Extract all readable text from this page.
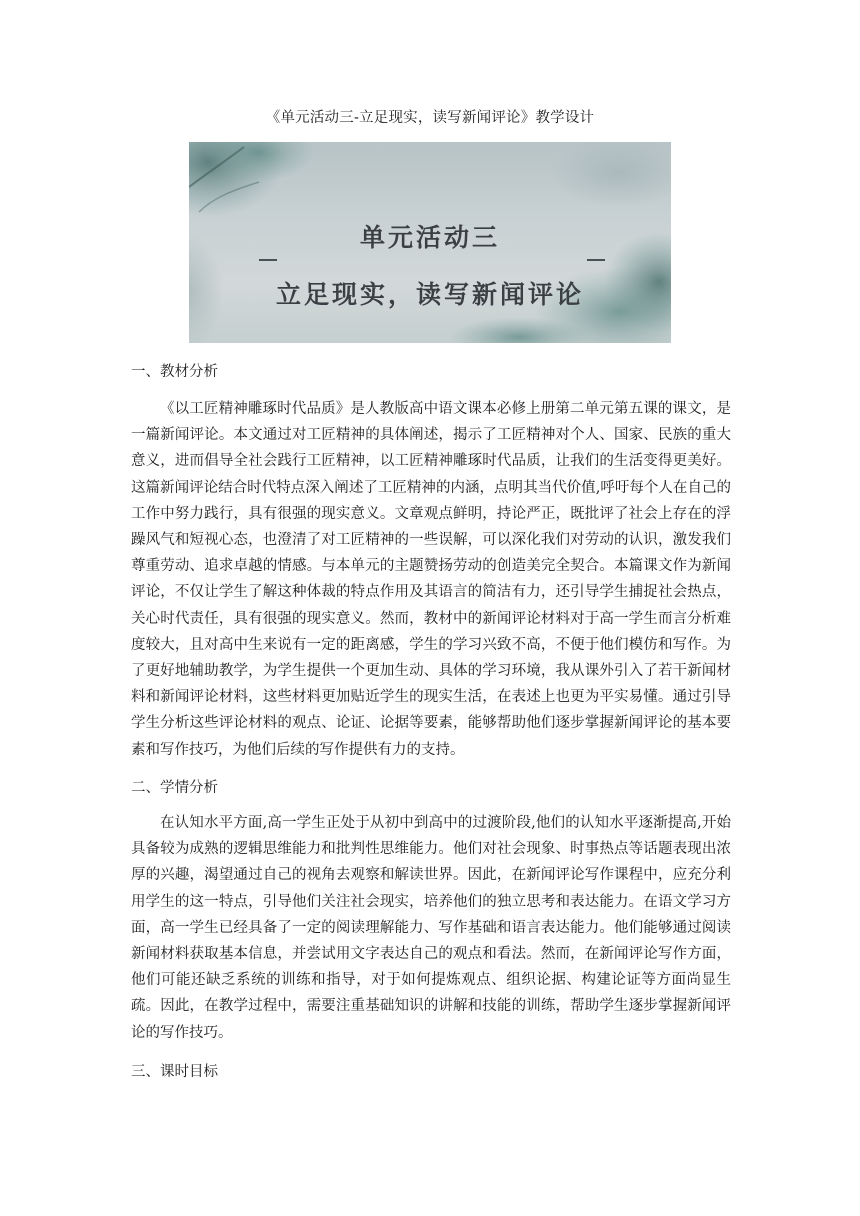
《单元活动三-立足现实，读写新闻评论》教学设计
单元活动三
立足现实，读写新闻评论
一、教材分析

《以工匠精神雕琢时代品质》是人教版高中语文课本必修上册第二单元第五课的课文，是一篇新闻评论。本文通过对工匠精神的具体阐述，揭示了工匠精神对个人、国家、民族的重大意义，进而倡导全社会践行工匠精神，以工匠精神雕琢时代品质，让我们的生活变得更美好。这篇新闻评论结合时代特点深入阐述了工匠精神的内涵，点明其当代价值,呼吁每个人在自己的工作中努力践行，具有很强的现实意义。文章观点鲜明，持论严正，既批评了社会上存在的浮躁风气和短视心态，也澄清了对工匠精神的一些误解，可以深化我们对劳动的认识，激发我们尊重劳动、追求卓越的情感。与本单元的主题赞扬劳动的创造美完全契合。本篇课文作为新闻评论，不仅让学生了解这种体裁的特点作用及其语言的简洁有力，还引导学生捕捉社会热点，关心时代责任，具有很强的现实意义。然而，教材中的新闻评论材料对于高一学生而言分析难度较大，且对高中生来说有一定的距离感，学生的学习兴致不高，不便于他们模仿和写作。为了更好地辅助教学，为学生提供一个更加生动、具体的学习环境，我从课外引入了若干新闻材料和新闻评论材料，这些材料更加贴近学生的现实生活，在表述上也更为平实易懂。通过引导学生分析这些评论材料的观点、论证、论据等要素，能够帮助他们逐步掌握新闻评论的基本要素和写作技巧，为他们后续的写作提供有力的支持。

二、学情分析

在认知水平方面,高一学生正处于从初中到高中的过渡阶段,他们的认知水平逐渐提高,开始具备较为成熟的逻辑思维能力和批判性思维能力。他们对社会现象、时事热点等话题表现出浓厚的兴趣，渴望通过自己的视角去观察和解读世界。因此，在新闻评论写作课程中，应充分利用学生的这一特点，引导他们关注社会现实，培养他们的独立思考和表达能力。在语文学习方面，高一学生已经具备了一定的阅读理解能力、写作基础和语言表达能力。他们能够通过阅读新闻材料获取基本信息，并尝试用文字表达自己的观点和看法。然而，在新闻评论写作方面，他们可能还缺乏系统的训练和指导，对于如何提炼观点、组织论据、构建论证等方面尚显生疏。因此，在教学过程中，需要注重基础知识的讲解和技能的训练，帮助学生逐步掌握新闻评论的写作技巧。

三、课时目标
